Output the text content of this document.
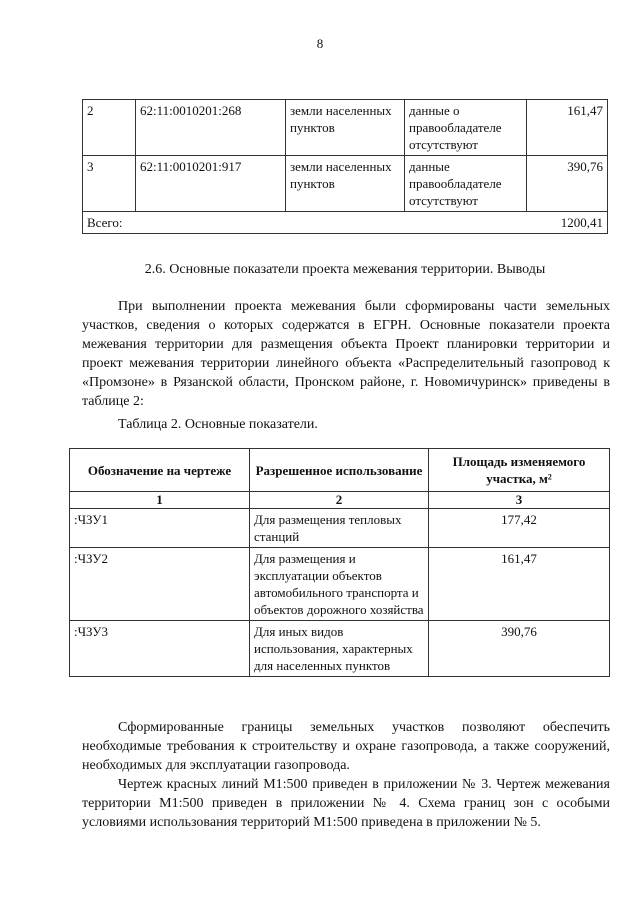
8
2	62:11:0010201:268	земли населенных пунктов	данные о правообладателе отсутствуют	161,47
3	62:11:0010201:917	земли населенных пунктов	данные правообладателе отсутствуют	390,76
Всего:				1200,41
2.6. Основные показатели проекта межевания территории. Выводы
При выполнении проекта межевания были сформированы части земельных участков, сведения о которых содержатся в ЕГРН. Основные показатели проекта межевания территории для размещения объекта Проект планировки территории и проект межевания территории линейного объекта «Распределительный газопровод к «Промзоне» в Рязанской области, Пронском районе, г. Новомичуринск» приведены в таблице 2:
Таблица 2. Основные показатели.
Обозначение на чертеже	Разрешенное использование	Площадь изменяемого участка, м²
1	2	3
:ЧЗУ1	Для размещения тепловых станций	177,42
:ЧЗУ2	Для размещения и эксплуатации объектов автомобильного транспорта и объектов дорожного хозяйства	161,47
:ЧЗУ3	Для иных видов использования, характерных для населенных пунктов	390,76
Сформированные границы земельных участков позволяют обеспечить необходимые требования к строительству и охране газопровода, а также сооружений, необходимых для эксплуатации газопровода.
Чертеж красных линий М1:500 приведен в приложении № 3. Чертеж межевания территории М1:500 приведен в приложении № 4. Схема границ зон с особыми условиями использования территорий М1:500 приведена в приложении № 5.
